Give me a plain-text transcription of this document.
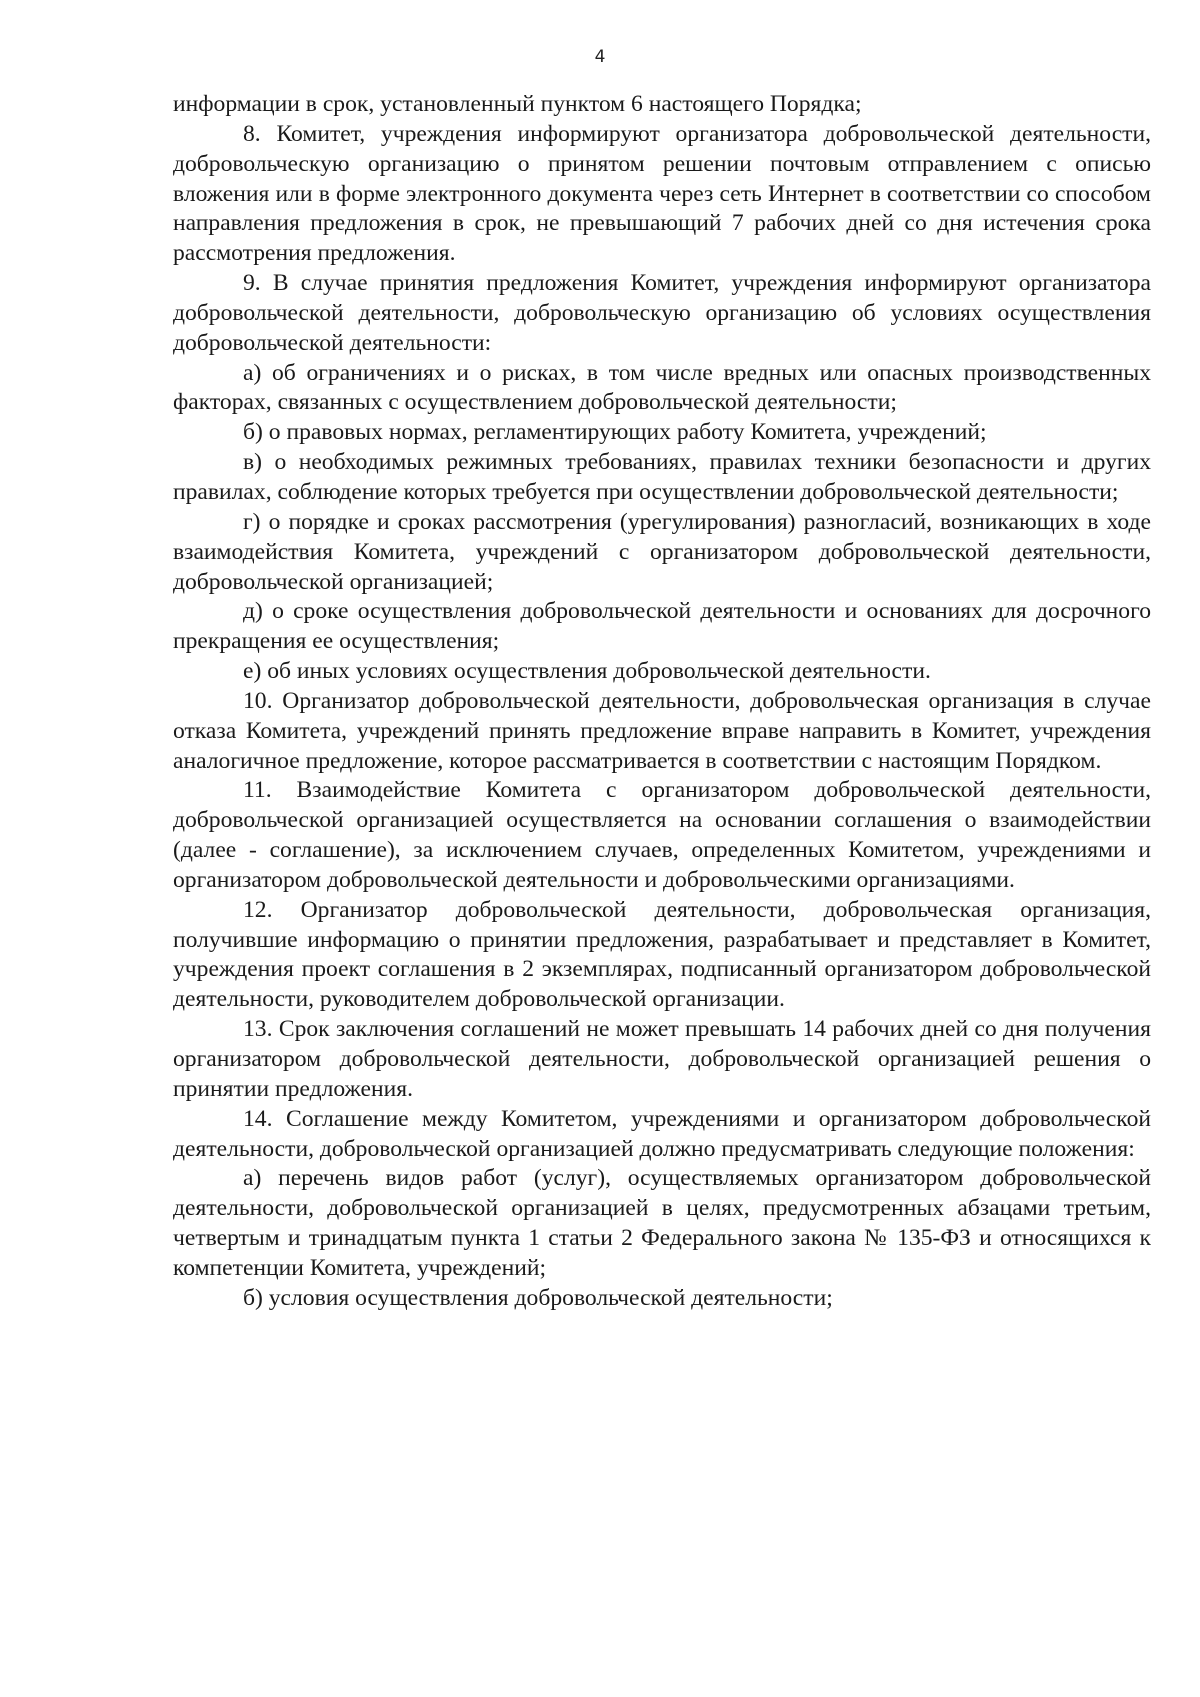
4

информации в срок, установленный пунктом 6 настоящего Порядка;

8. Комитет, учреждения информируют организатора добровольческой деятельности, добровольческую организацию о принятом решении почтовым отправлением с описью вложения или в форме электронного документа через сеть Интернет в соответствии со способом направления предложения в срок, не превышающий 7 рабочих дней со дня истечения срока рассмотрения предложения.

9. В случае принятия предложения Комитет, учреждения информируют организатора добровольческой деятельности, добровольческую организацию об условиях осуществления добровольческой деятельности:

а) об ограничениях и о рисках, в том числе вредных или опасных производственных факторах, связанных с осуществлением добровольческой деятельности;

б) о правовых нормах, регламентирующих работу Комитета, учреждений;

в) о необходимых режимных требованиях, правилах техники безопасности и других правилах, соблюдение которых требуется при осуществлении добровольческой деятельности;

г) о порядке и сроках рассмотрения (урегулирования) разногласий, возникающих в ходе взаимодействия Комитета, учреждений с организатором добровольческой деятельности, добровольческой организацией;

д) о сроке осуществления добровольческой деятельности и основаниях для досрочного прекращения ее осуществления;

е) об иных условиях осуществления добровольческой деятельности.

10. Организатор добровольческой деятельности, добровольческая организация в случае отказа Комитета, учреждений принять предложение вправе направить в Комитет, учреждения аналогичное предложение, которое рассматривается в соответствии с настоящим Порядком.

11. Взаимодействие Комитета с организатором добровольческой деятельности, добровольческой организацией осуществляется на основании соглашения о взаимодействии (далее - соглашение), за исключением случаев, определенных Комитетом, учреждениями и организатором добровольческой деятельности и добровольческими организациями.

12. Организатор добровольческой деятельности, добровольческая организация, получившие информацию о принятии предложения, разрабатывает и представляет в Комитет, учреждения проект соглашения в 2 экземплярах, подписанный организатором добровольческой деятельности, руководителем добровольческой организации.

13. Срок заключения соглашений не может превышать 14 рабочих дней со дня получения организатором добровольческой деятельности, добровольческой организацией решения о принятии предложения.

14. Соглашение между Комитетом, учреждениями и организатором добровольческой деятельности, добровольческой организацией должно предусматривать следующие положения:

а) перечень видов работ (услуг), осуществляемых организатором добровольческой деятельности, добровольческой организацией в целях, предусмотренных абзацами третьим, четвертым и тринадцатым пункта 1 статьи 2 Федерального закона № 135-ФЗ и относящихся к компетенции Комитета, учреждений;

б) условия осуществления добровольческой деятельности;
